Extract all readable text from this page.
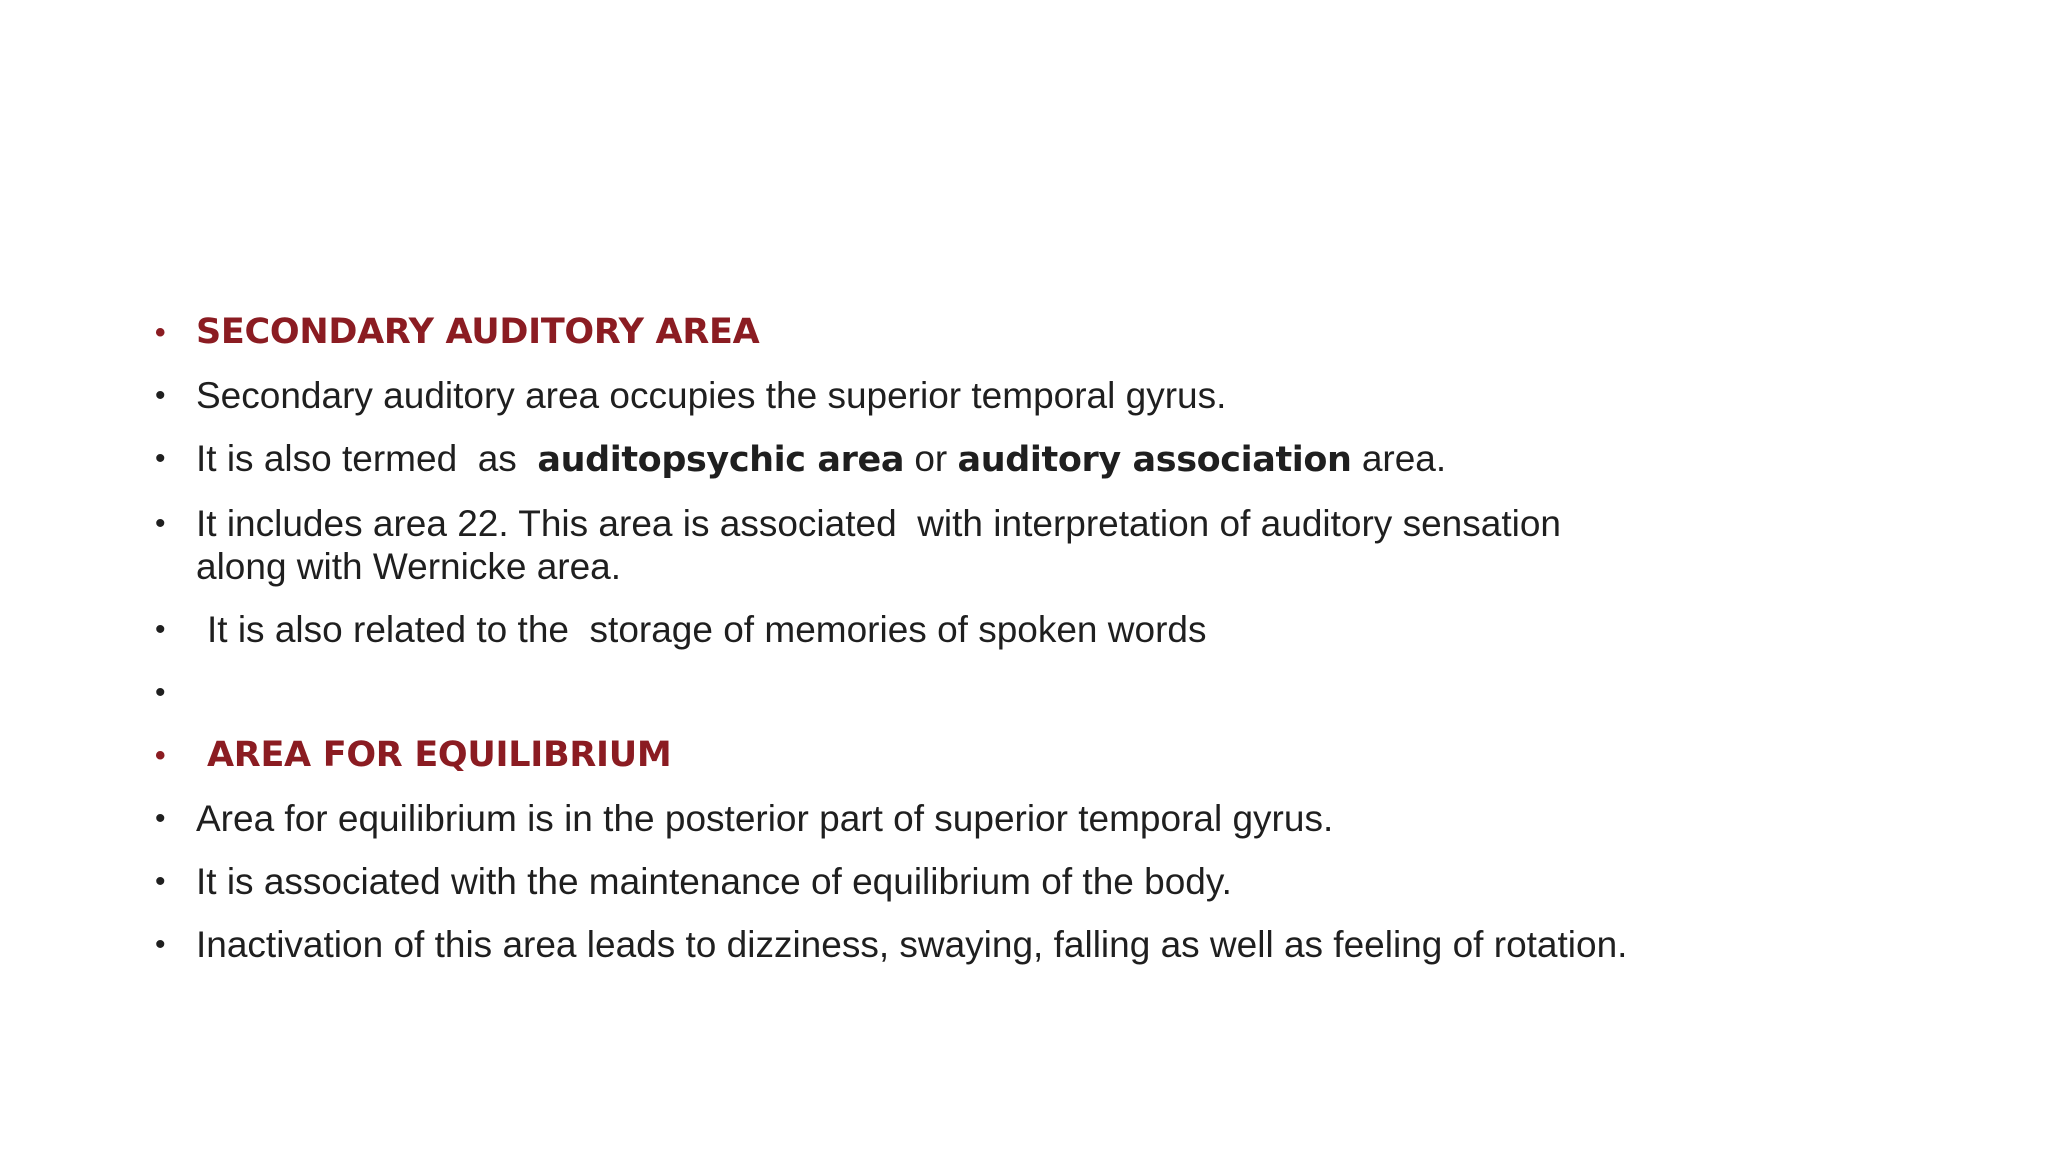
• SECONDARY AUDITORY AREA
• Secondary auditory area occupies the superior temporal gyrus.
• It is also termed  as  auditopsychic area or auditory association area.
• It includes area 22. This area is associated  with interpretation of auditory sensation along with Wernicke area.
• It is also related to the  storage of memories of spoken words
•
• AREA FOR EQUILIBRIUM
• Area for equilibrium is in the posterior part of superior temporal gyrus.
• It is associated with the maintenance of equilibrium of the body.
• Inactivation of this area leads to dizziness, swaying, falling as well as feeling of rotation.
